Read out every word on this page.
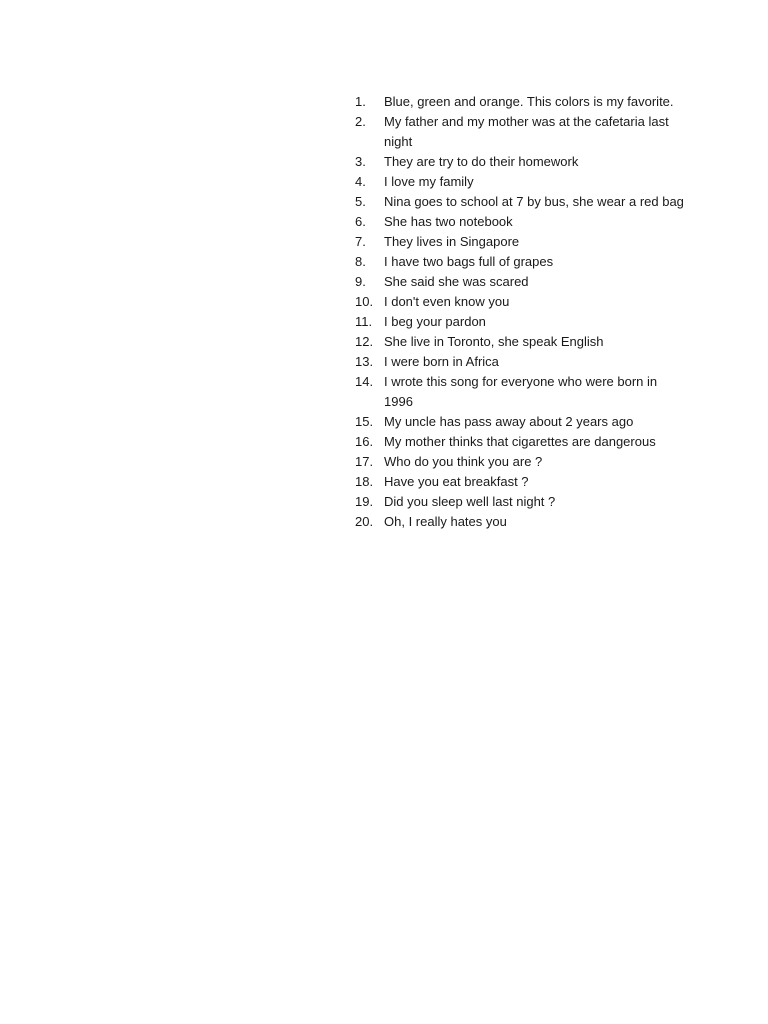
1.	Blue, green and orange. This colors is my favorite.
2.	My father and my mother was at the cafetaria last night
3.	They are try to do their homework
4.	I love my family
5.	Nina goes to school at 7 by bus, she wear a red bag
6.	She has two notebook
7.	They lives in Singapore
8.	I have two bags full of grapes
9.	She said she was scared
10. I don't even know you
11. I beg your pardon
12. She live in Toronto, she speak English
13. I were born in Africa
14. I wrote this song for everyone who were born in 1996
15. My uncle has pass away about 2 years ago
16. My mother thinks that cigarettes are dangerous
17. Who do you think you are ?
18. Have you eat breakfast ?
19. Did you sleep well last night ?
20. Oh, I really hates you
